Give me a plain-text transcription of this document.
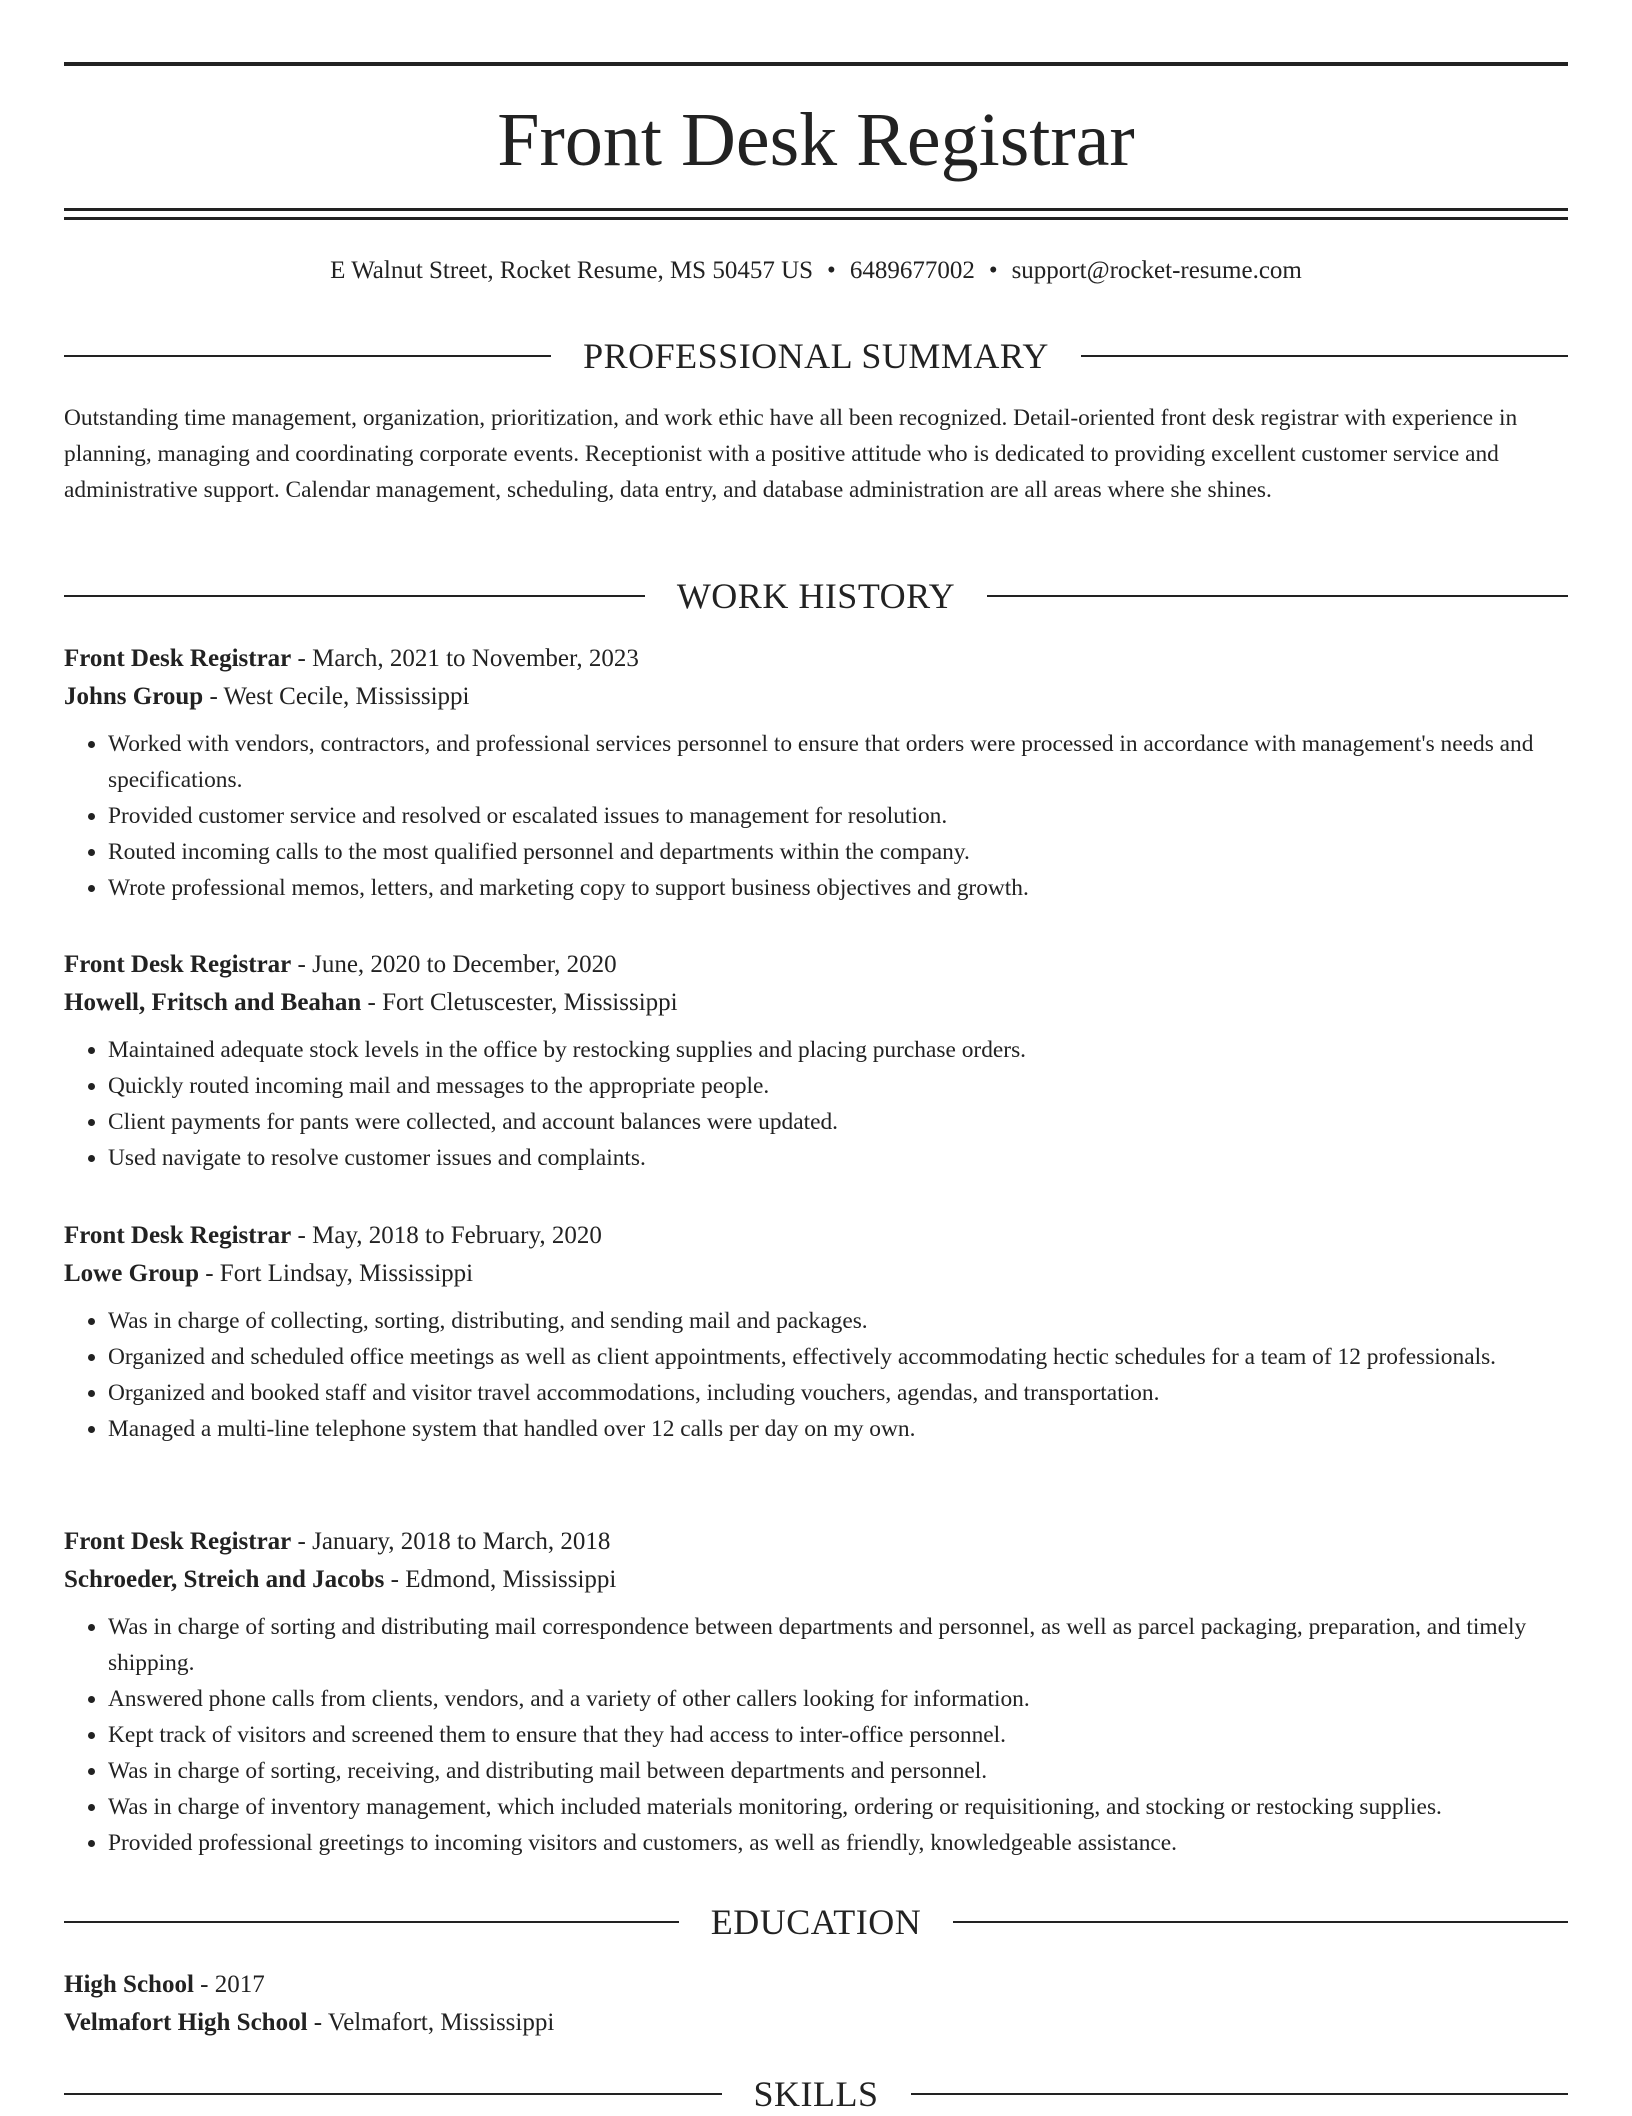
Front Desk Registrar
E Walnut Street, Rocket Resume, MS 50457 US • 6489677002 • support@rocket-resume.com
PROFESSIONAL SUMMARY

Outstanding time management, organization, prioritization, and work ethic have all been recognized. Detail-oriented front desk registrar with experience in planning, managing and coordinating corporate events. Receptionist with a positive attitude who is dedicated to providing excellent customer service and administrative support. Calendar management, scheduling, data entry, and database administration are all areas where she shines.

WORK HISTORY
Front Desk Registrar - March, 2021 to November, 2023
Johns Group - West Cecile, Mississippi
• Worked with vendors, contractors, and professional services personnel to ensure that orders were processed in accordance with management's needs and specifications.
• Provided customer service and resolved or escalated issues to management for resolution.
• Routed incoming calls to the most qualified personnel and departments within the company.
• Wrote professional memos, letters, and marketing copy to support business objectives and growth.
Front Desk Registrar - June, 2020 to December, 2020
Howell, Fritsch and Beahan - Fort Cletuscester, Mississippi
• Maintained adequate stock levels in the office by restocking supplies and placing purchase orders.
• Quickly routed incoming mail and messages to the appropriate people.
• Client payments for pants were collected, and account balances were updated.
• Used navigate to resolve customer issues and complaints.
Front Desk Registrar - May, 2018 to February, 2020
Lowe Group - Fort Lindsay, Mississippi
• Was in charge of collecting, sorting, distributing, and sending mail and packages.
• Organized and scheduled office meetings as well as client appointments, effectively accommodating hectic schedules for a team of 12 professionals.
• Organized and booked staff and visitor travel accommodations, including vouchers, agendas, and transportation.
• Managed a multi-line telephone system that handled over 12 calls per day on my own.
Front Desk Registrar - January, 2018 to March, 2018
Schroeder, Streich and Jacobs - Edmond, Mississippi
• Was in charge of sorting and distributing mail correspondence between departments and personnel, as well as parcel packaging, preparation, and timely shipping.
• Answered phone calls from clients, vendors, and a variety of other callers looking for information.
• Kept track of visitors and screened them to ensure that they had access to inter-office personnel.
• Was in charge of sorting, receiving, and distributing mail between departments and personnel.
• Was in charge of inventory management, which included materials monitoring, ordering or requisitioning, and stocking or restocking supplies.
• Provided professional greetings to incoming visitors and customers, as well as friendly, knowledgeable assistance.
EDUCATION
High School - 2017
Velmafort High School - Velmafort, Mississippi
SKILLS
